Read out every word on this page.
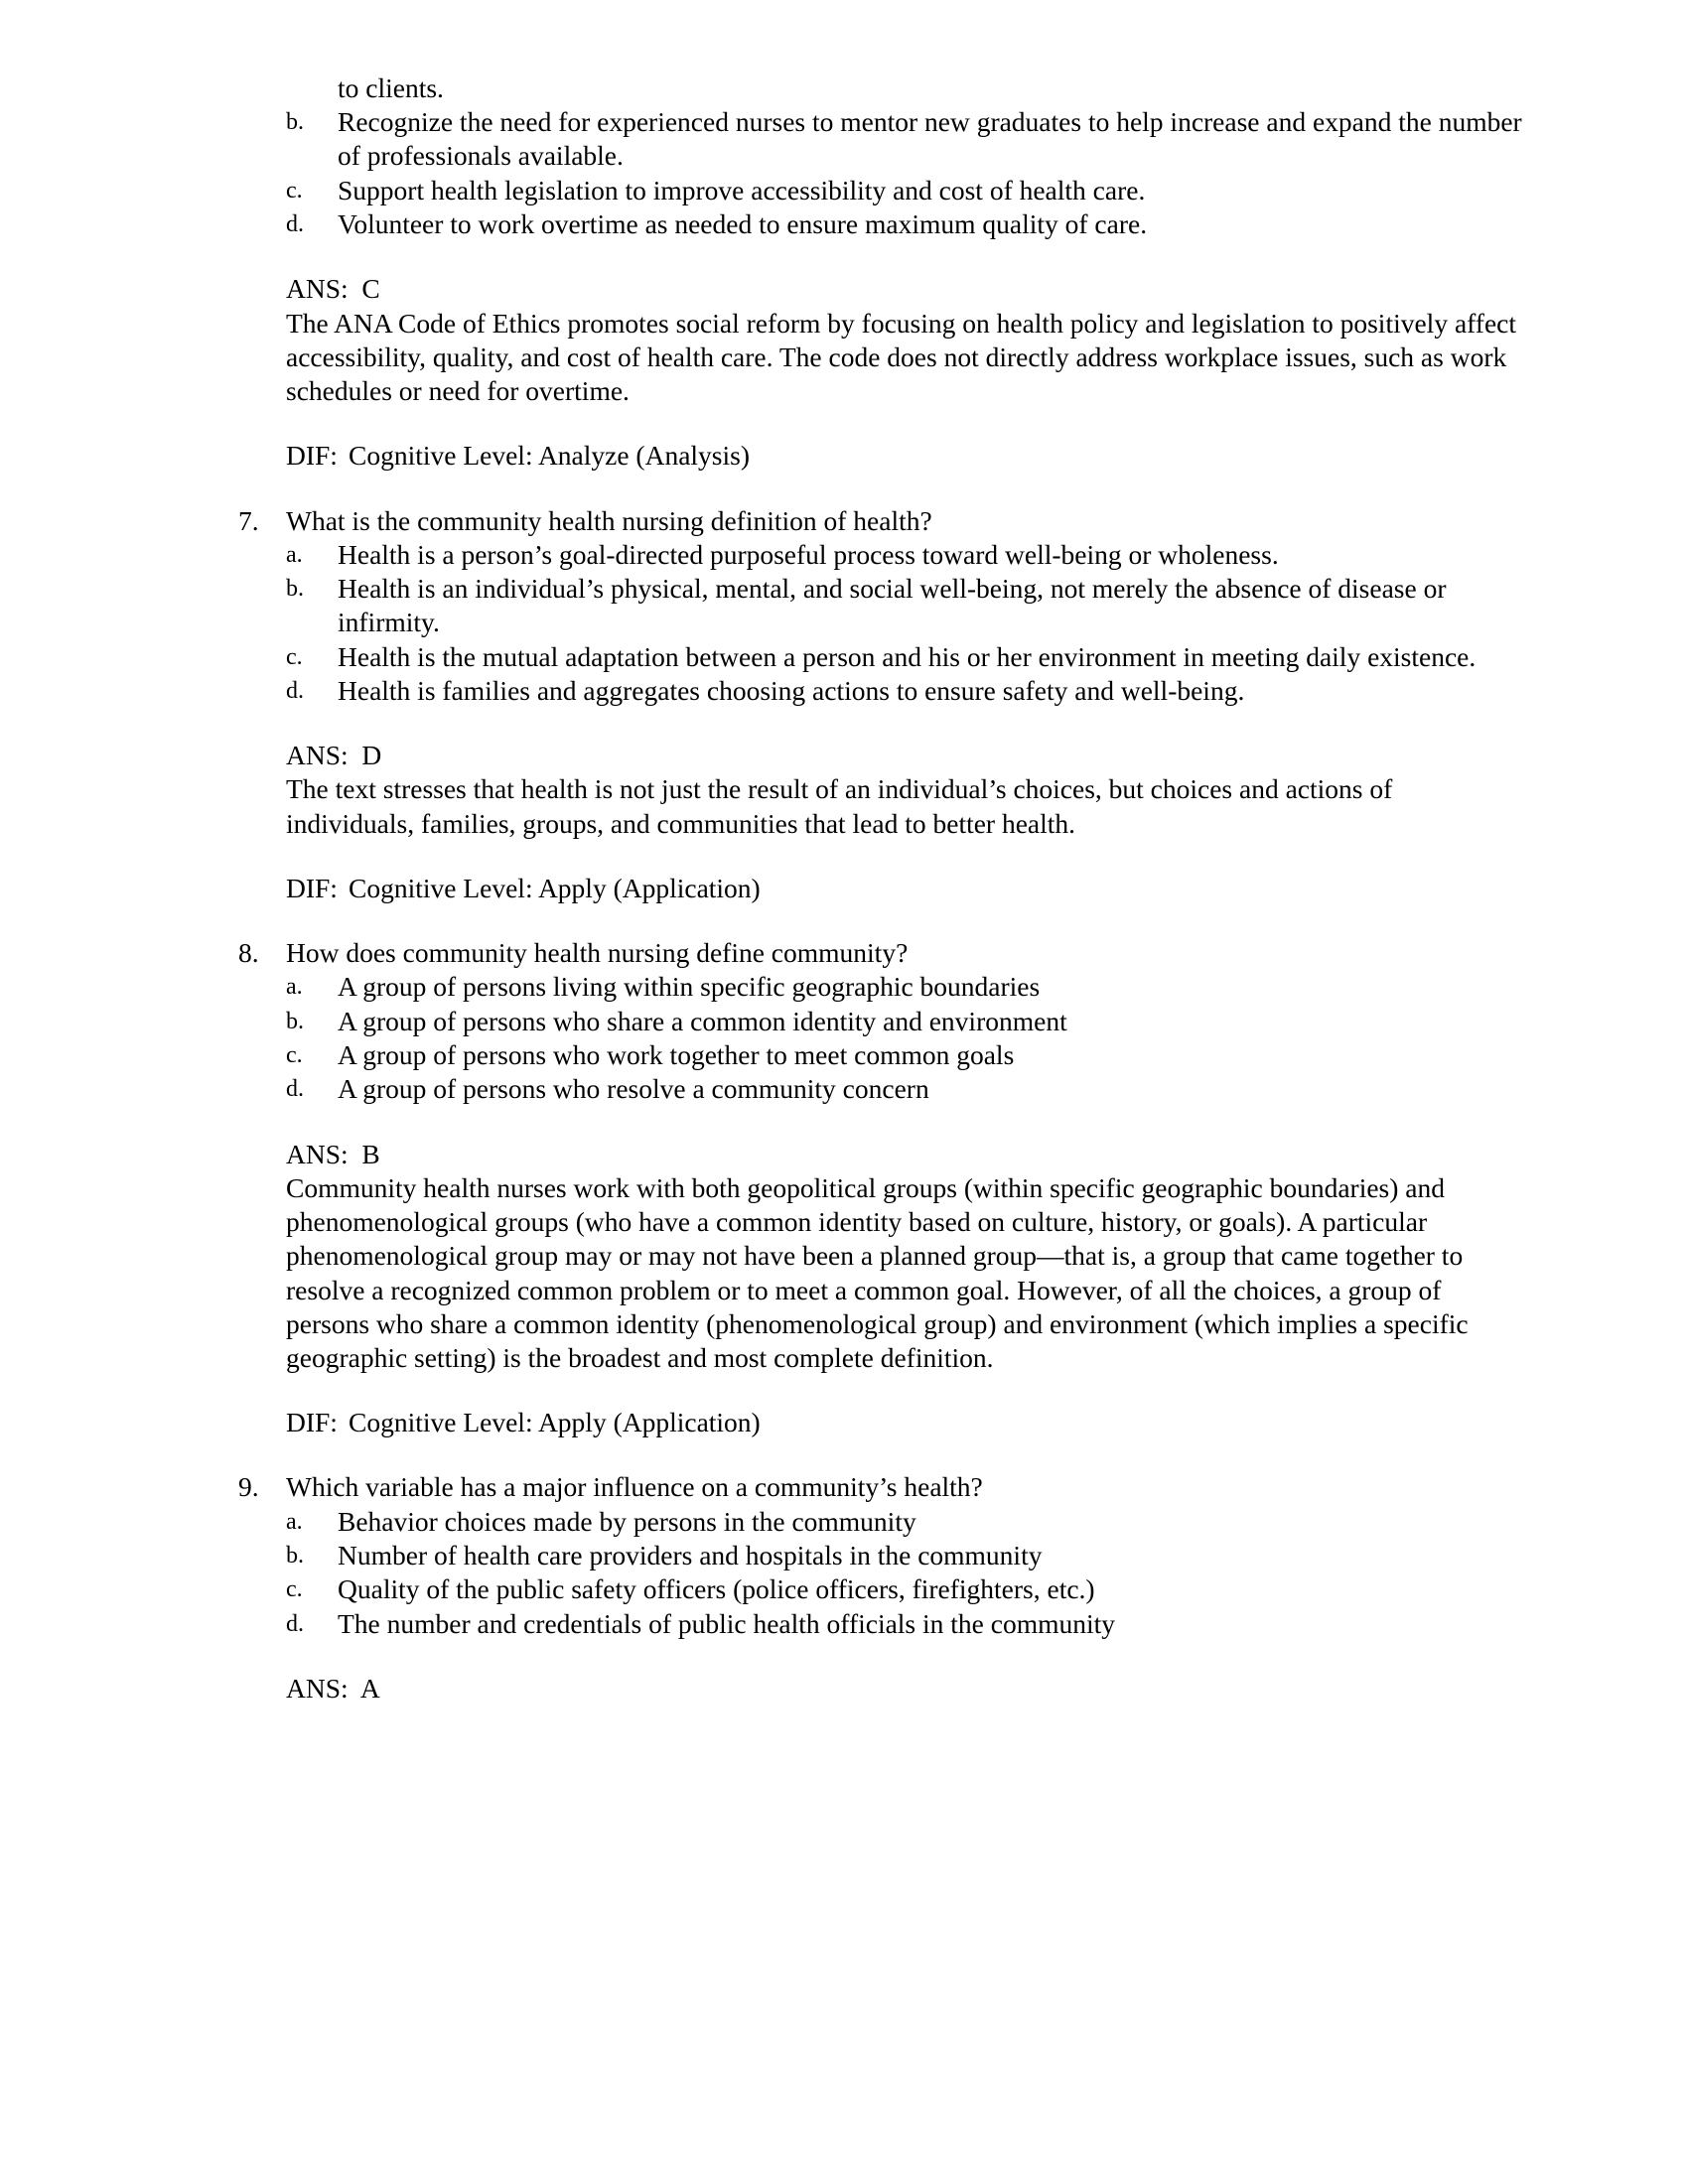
to clients.
b.	Recognize the need for experienced nurses to mentor new graduates to help increase and expand the number of professionals available.
c.	Support health legislation to improve accessibility and cost of health care.
d.	Volunteer to work overtime as needed to ensure maximum quality of care.
ANS: C
The ANA Code of Ethics promotes social reform by focusing on health policy and legislation to positively affect accessibility, quality, and cost of health care. The code does not directly address workplace issues, such as work schedules or need for overtime.
DIF: Cognitive Level: Analyze (Analysis)
7. What is the community health nursing definition of health?
a.	Health is a person’s goal-directed purposeful process toward well-being or wholeness.
b.	Health is an individual’s physical, mental, and social well-being, not merely the absence of disease or infirmity.
c.	Health is the mutual adaptation between a person and his or her environment in meeting daily existence.
d.	Health is families and aggregates choosing actions to ensure safety and well-being.
ANS: D
The text stresses that health is not just the result of an individual’s choices, but choices and actions of individuals, families, groups, and communities that lead to better health.
DIF: Cognitive Level: Apply (Application)
8. How does community health nursing define community?
a.	A group of persons living within specific geographic boundaries
b.	A group of persons who share a common identity and environment
c.	A group of persons who work together to meet common goals
d.	A group of persons who resolve a community concern
ANS: B
Community health nurses work with both geopolitical groups (within specific geographic boundaries) and phenomenological groups (who have a common identity based on culture, history, or goals). A particular phenomenological group may or may not have been a planned group—that is, a group that came together to resolve a recognized common problem or to meet a common goal. However, of all the choices, a group of persons who share a common identity (phenomenological group) and environment (which implies a specific geographic setting) is the broadest and most complete definition.
DIF: Cognitive Level: Apply (Application)
9. Which variable has a major influence on a community’s health?
a.	Behavior choices made by persons in the community
b.	Number of health care providers and hospitals in the community
c.	Quality of the public safety officers (police officers, firefighters, etc.)
d.	The number and credentials of public health officials in the community
ANS: A
